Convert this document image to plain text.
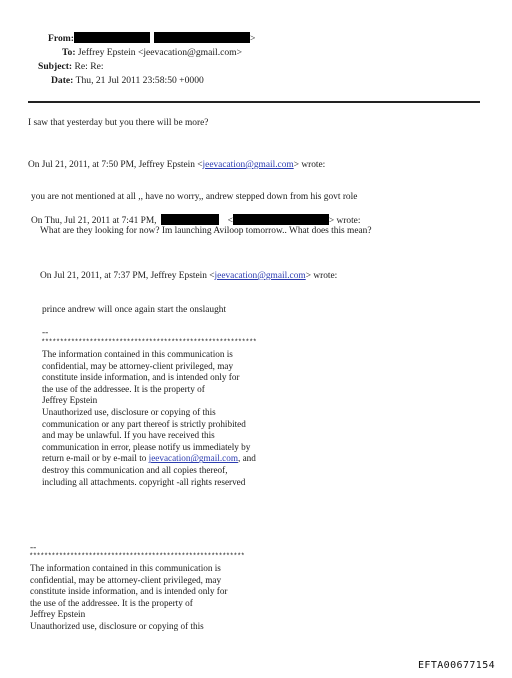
From:	>
To: Jeffrey Epstein <jeevacation@gmail.com>
Subject: Re: Re:
Date: Thu, 21 Jul 2011 23:58:50 +0000
I saw that yesterday but you there will be more?
On Jul 21, 2011, at 7:50 PM, Jeffrey Epstein <jeevacation@gmail.com> wrote:
you are not mentioned at all ,, have no worry,, andrew stepped down from his govt role
On Thu, Jul 21, 2011 at 7:41 PM,	<	> wrote:
What are they looking for now? Im launching Aviloop tomorrow.. What does this mean?
On Jul 21, 2011, at 7:37 PM, Jeffrey Epstein <jeevacation@gmail.com> wrote:
prince andrew will once again start the onslaught
--
**********************************************************
The information contained in this communication is
confidential, may be attorney-client privileged, may
constitute inside information, and is intended only for
the use of the addressee. It is the property of
Jeffrey Epstein
Unauthorized use, disclosure or copying of this
communication or any part thereof is strictly prohibited
and may be unlawful. If you have received this
communication in error, please notify us immediately by
return e-mail or by e-mail to jeevacation@gmail.com, and
destroy this communication and all copies thereof,
including all attachments. copyright -all rights reserved
--
**********************************************************
The information contained in this communication is
confidential, may be attorney-client privileged, may
constitute inside information, and is intended only for
the use of the addressee. It is the property of
Jeffrey Epstein
Unauthorized use, disclosure or copying of this
EFTA00677154
